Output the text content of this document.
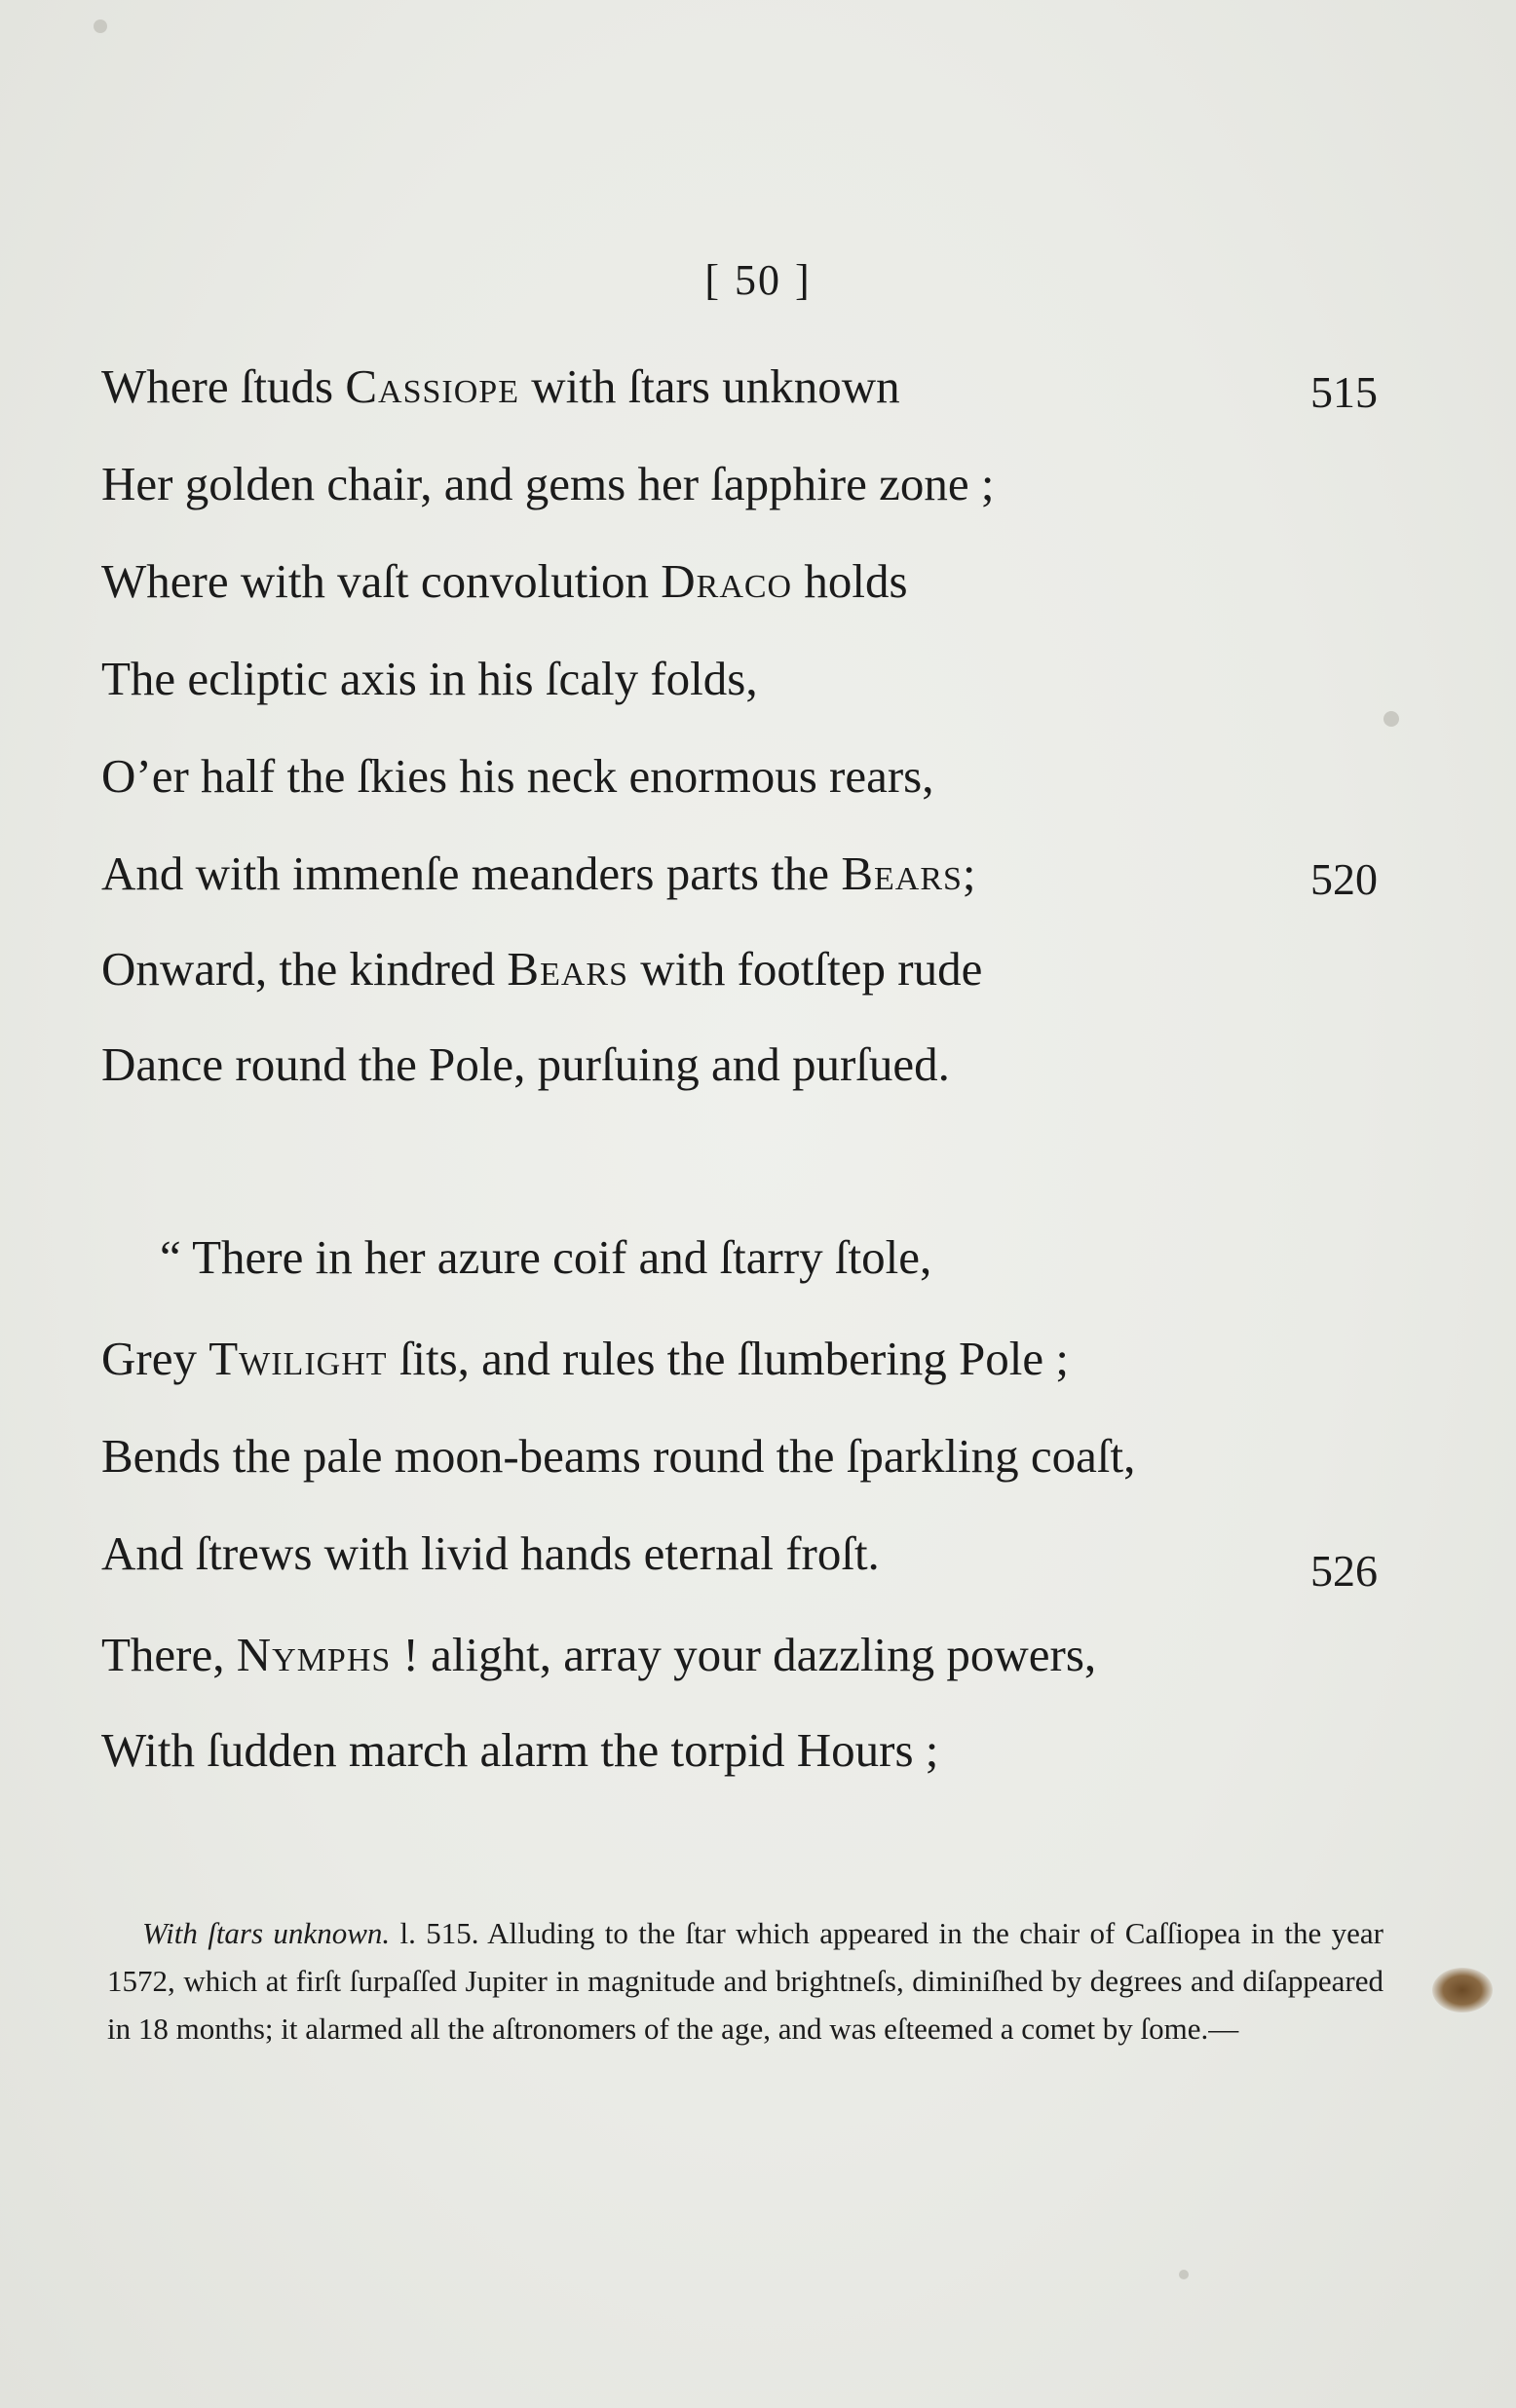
[ 50 ]
Where ſtuds Cassiope with ſtars unknown	515
Her golden chair, and gems her ſapphire zone ;
Where with vaſt convolution Draco holds
The ecliptic axis in his ſcaly folds,
O’er half the ſkies his neck enormous rears,
And with immenſe meanders parts the Bears;	520
Onward, the kindred Bears with footſtep rude
Dance round the Pole, purſuing and purſued.
“ There in her azure coif and ſtarry ſtole,
Grey Twilight ſits, and rules the ſlumbering Pole ;
Bends the pale moon-beams round the ſparkling coaſt,
And ſtrews with livid hands eternal froſt.	526
There, Nymphs ! alight, array your dazzling powers,
With ſudden march alarm the torpid Hours ;
With ſtars unknown. l. 515. Alluding to the ſtar which appeared in the chair of Caſſiopea in the year 1572, which at firſt ſurpaſſed Jupiter in magnitude and brightneſs, diminiſhed by degrees and diſappeared in 18 months; it alarmed all the aſtronomers of the age, and was eſteemed a comet by ſome.—
